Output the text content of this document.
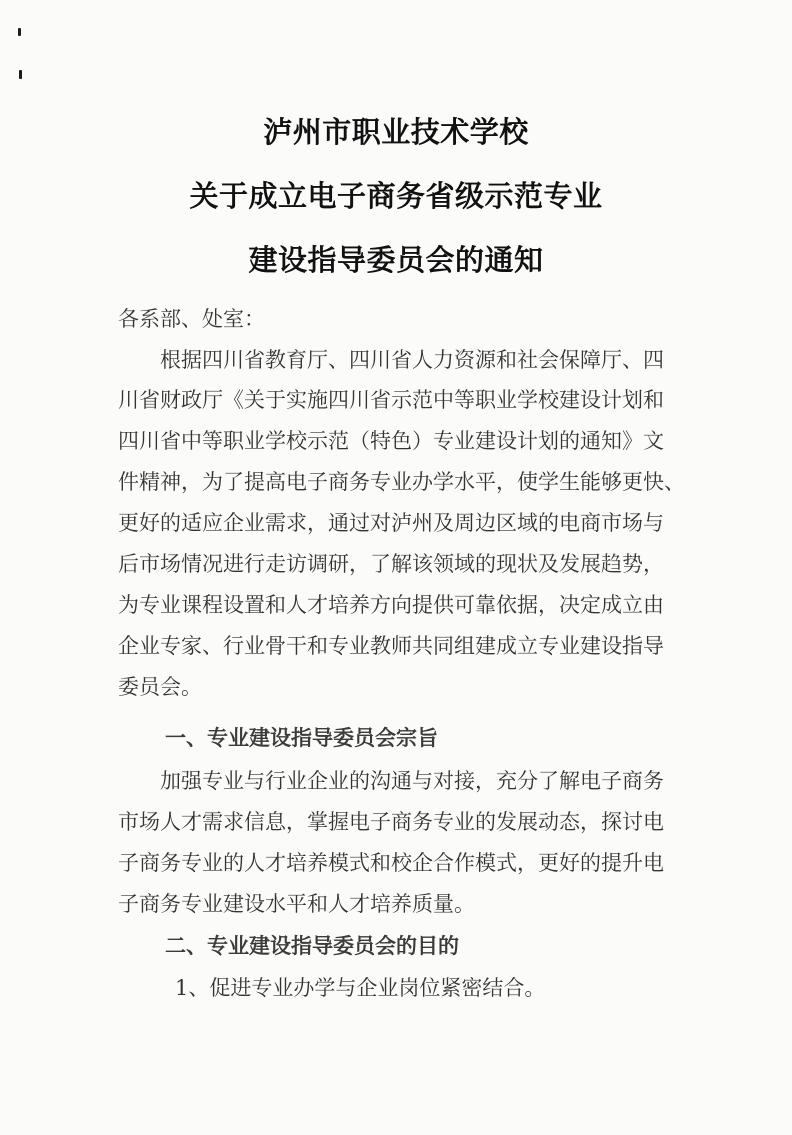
泸州市职业技术学校
关于成立电子商务省级示范专业
建设指导委员会的通知
各系部、处室：
根据四川省教育厅、四川省人力资源和社会保障厅、四
川省财政厅《关于实施四川省示范中等职业学校建设计划和
四川省中等职业学校示范（特色）专业建设计划的通知》文
件精神，为了提高电子商务专业办学水平，使学生能够更快、
更好的适应企业需求，通过对泸州及周边区域的电商市场与
后市场情况进行走访调研，了解该领域的现状及发展趋势，
为专业课程设置和人才培养方向提供可靠依据，决定成立由
企业专家、行业骨干和专业教师共同组建成立专业建设指导
委员会。
一、专业建设指导委员会宗旨
加强专业与行业企业的沟通与对接，充分了解电子商务
市场人才需求信息，掌握电子商务专业的发展动态，探讨电
子商务专业的人才培养模式和校企合作模式，更好的提升电
子商务专业建设水平和人才培养质量。
二、专业建设指导委员会的目的
1、促进专业办学与企业岗位紧密结合。
